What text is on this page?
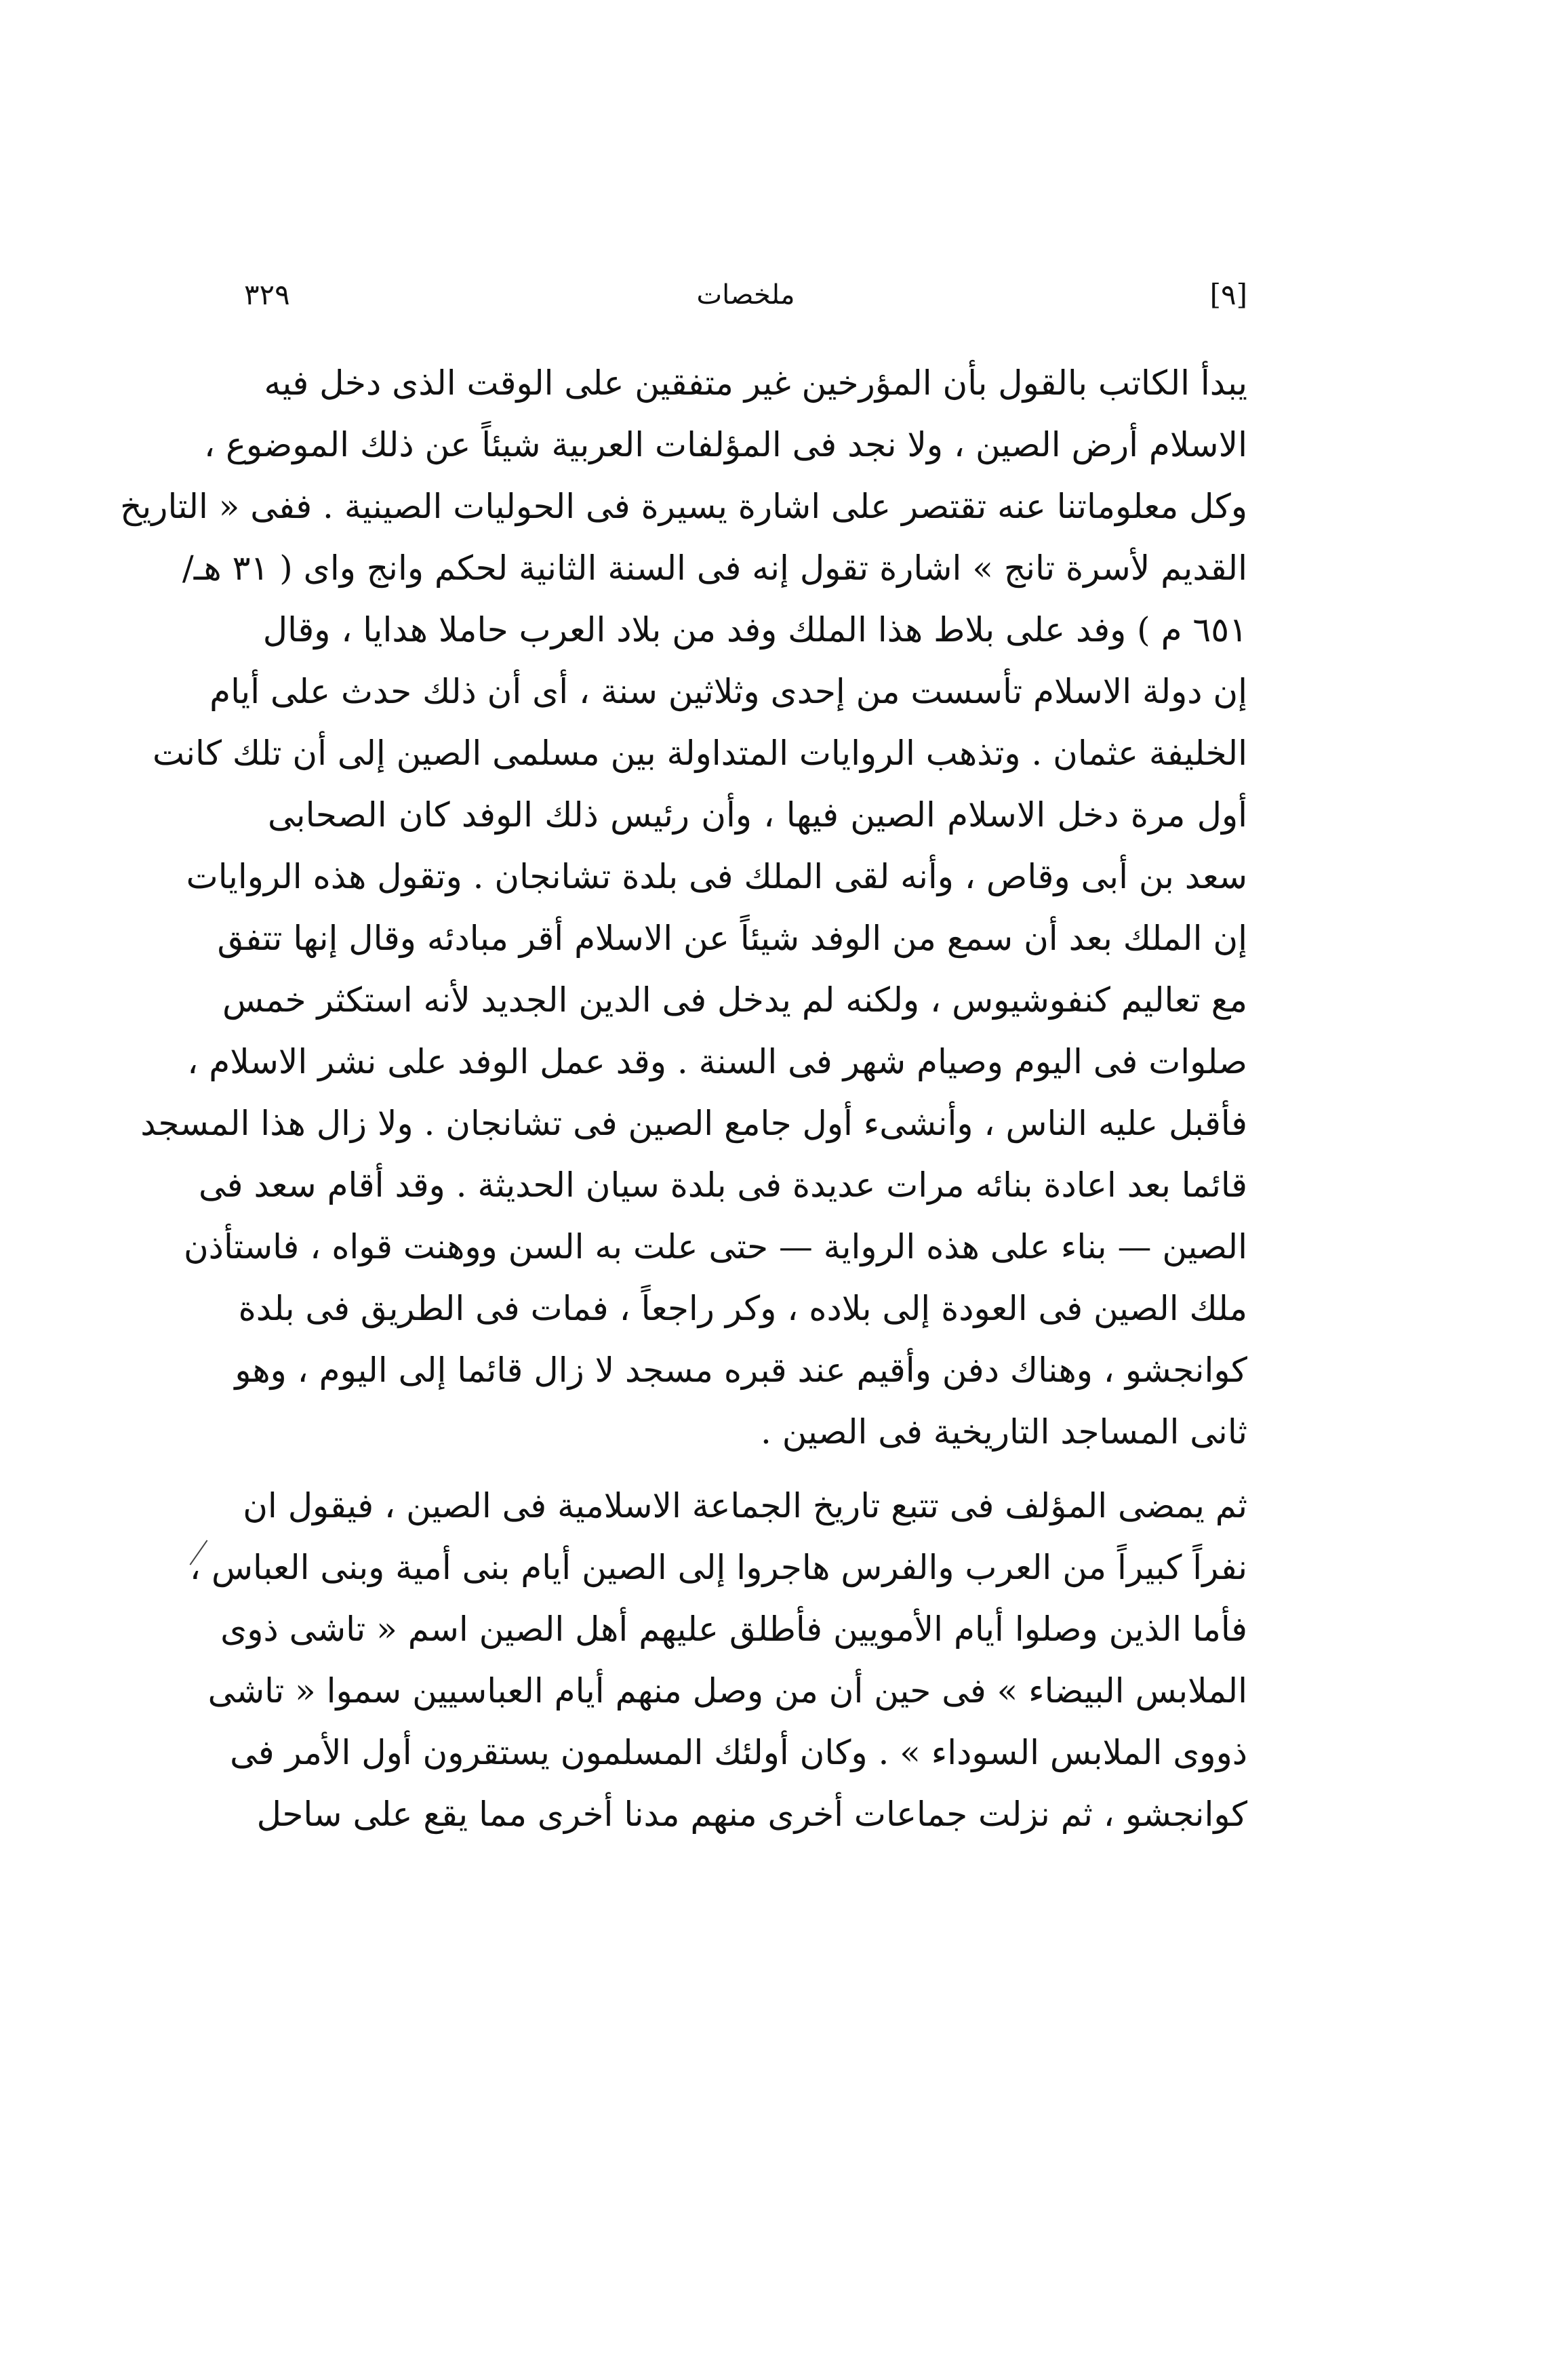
[٩]
ملخصات
٣٢٩
يبدأ الكاتب بالقول بأن المؤرخين غير متفقين على الوقت الذى دخل فيه
الاسلام أرض الصين ، ولا نجد فى المؤلفات العربية شيئاً عن ذلك الموضوع ،
وكل معلوماتنا عنه تقتصر على اشارة يسيرة فى الحوليات الصينية . ففى « التاريخ
القديم لأسرة تانج » اشارة تقول إنه فى السنة الثانية لحكم وانج واى ( ٣١ هـ/
٦٥١ م ) وفد على بلاط هذا الملك وفد من بلاد العرب حاملا هدايا ، وقال
إن دولة الاسلام تأسست من إحدى وثلاثين سنة ، أى أن ذلك حدث على أيام
الخليفة عثمان . وتذهب الروايات المتداولة بين مسلمى الصين إلى أن تلك كانت
أول مرة دخل الاسلام الصين فيها ، وأن رئيس ذلك الوفد كان الصحابى
سعد بن أبى وقاص ، وأنه لقى الملك فى بلدة تشانجان . وتقول هذه الروايات
إن الملك بعد أن سمع من الوفد شيئاً عن الاسلام أقر مبادئه وقال إنها تتفق
مع تعاليم كنفوشيوس ، ولكنه لم يدخل فى الدين الجديد لأنه استكثر خمس
صلوات فى اليوم وصيام شهر فى السنة . وقد عمل الوفد على نشر الاسلام ،
فأقبل عليه الناس ، وأنشىء أول جامع الصين فى تشانجان . ولا زال هذا المسجد
قائما بعد اعادة بنائه مرات عديدة فى بلدة سيان الحديثة . وقد أقام سعد فى
الصين — بناء على هذه الرواية — حتى علت به السن ووهنت قواه ، فاستأذن
ملك الصين فى العودة إلى بلاده ، وكر راجعاً ، فمات فى الطريق فى بلدة
كوانجشو ، وهناك دفن وأقيم عند قبره مسجد لا زال قائما إلى اليوم ، وهو
ثانى المساجد التاريخية فى الصين .
ثم يمضى المؤلف فى تتبع تاريخ الجماعة الاسلامية فى الصين ، فيقول ان
نفراً كبيراً من العرب والفرس هاجروا إلى الصين أيام بنى أمية وبنى العباس ،
فأما الذين وصلوا أيام الأمويين فأطلق عليهم أهل الصين اسم « تاشى ذوى
الملابس البيضاء » فى حين أن من وصل منهم أيام العباسيين سموا « تاشى
ذووى الملابس السوداء » . وكان أولئك المسلمون يستقرون أول الأمر فى
كوانجشو ، ثم نزلت جماعات أخرى منهم مدنا أخرى مما يقع على ساحل
